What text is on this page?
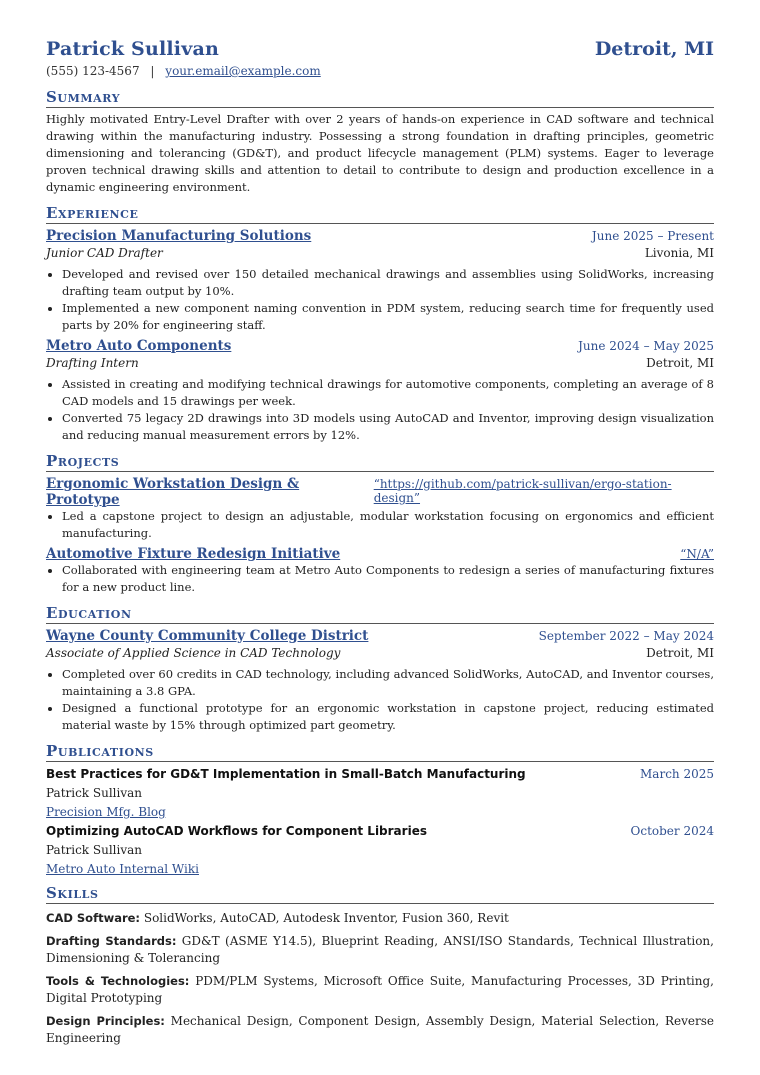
Patrick Sullivan	Detroit, MI
(555) 123-4567 | your.email@example.com
Summary
Highly motivated Entry-Level Drafter with over 2 years of hands-on experience in CAD software and technical drawing within the manufacturing industry. Possessing a strong foundation in drafting principles, geometric dimensioning and tolerancing (GD&T), and product lifecycle management (PLM) systems. Eager to leverage proven technical drawing skills and attention to detail to contribute to design and production excellence in a dynamic engineering environment.
Experience
Precision Manufacturing Solutions	June 2025 – Present
Junior CAD Drafter	Livonia, MI
• Developed and revised over 150 detailed mechanical drawings and assemblies using SolidWorks, increasing drafting team output by 10%.
• Implemented a new component naming convention in PDM system, reducing search time for frequently used parts by 20% for engineering staff.
Metro Auto Components	June 2024 – May 2025
Drafting Intern	Detroit, MI
• Assisted in creating and modifying technical drawings for automotive components, completing an average of 8 CAD models and 15 drawings per week.
• Converted 75 legacy 2D drawings into 3D models using AutoCAD and Inventor, improving design visualization and reducing manual measurement errors by 12%.
Projects
Ergonomic Workstation Design & Prototype
“https://github.com/patrick-sullivan/ergo-station-design”
• Led a capstone project to design an adjustable, modular workstation focusing on ergonomics and efficient manufacturing.
Automotive Fixture Redesign Initiative	“N/A”
• Collaborated with engineering team at Metro Auto Components to redesign a series of manufacturing fixtures for a new product line.
Education
Wayne County Community College District	September 2022 – May 2024
Associate of Applied Science in CAD Technology	Detroit, MI
• Completed over 60 credits in CAD technology, including advanced SolidWorks, AutoCAD, and Inventor courses, maintaining a 3.8 GPA.
• Designed a functional prototype for an ergonomic workstation in capstone project, reducing estimated material waste by 15% through optimized part geometry.
Publications
Best Practices for GD&T Implementation in Small-Batch Manufacturing	March 2025
Patrick Sullivan
Precision Mfg. Blog
Optimizing AutoCAD Workflows for Component Libraries	October 2024
Patrick Sullivan
Metro Auto Internal Wiki
Skills
CAD Software: SolidWorks, AutoCAD, Autodesk Inventor, Fusion 360, Revit
Drafting Standards: GD&T (ASME Y14.5), Blueprint Reading, ANSI/ISO Standards, Technical Illustration, Dimensioning & Tolerancing
Tools & Technologies: PDM/PLM Systems, Microsoft Office Suite, Manufacturing Processes, 3D Printing, Digital Prototyping
Design Principles: Mechanical Design, Component Design, Assembly Design, Material Selection, Reverse Engineering
